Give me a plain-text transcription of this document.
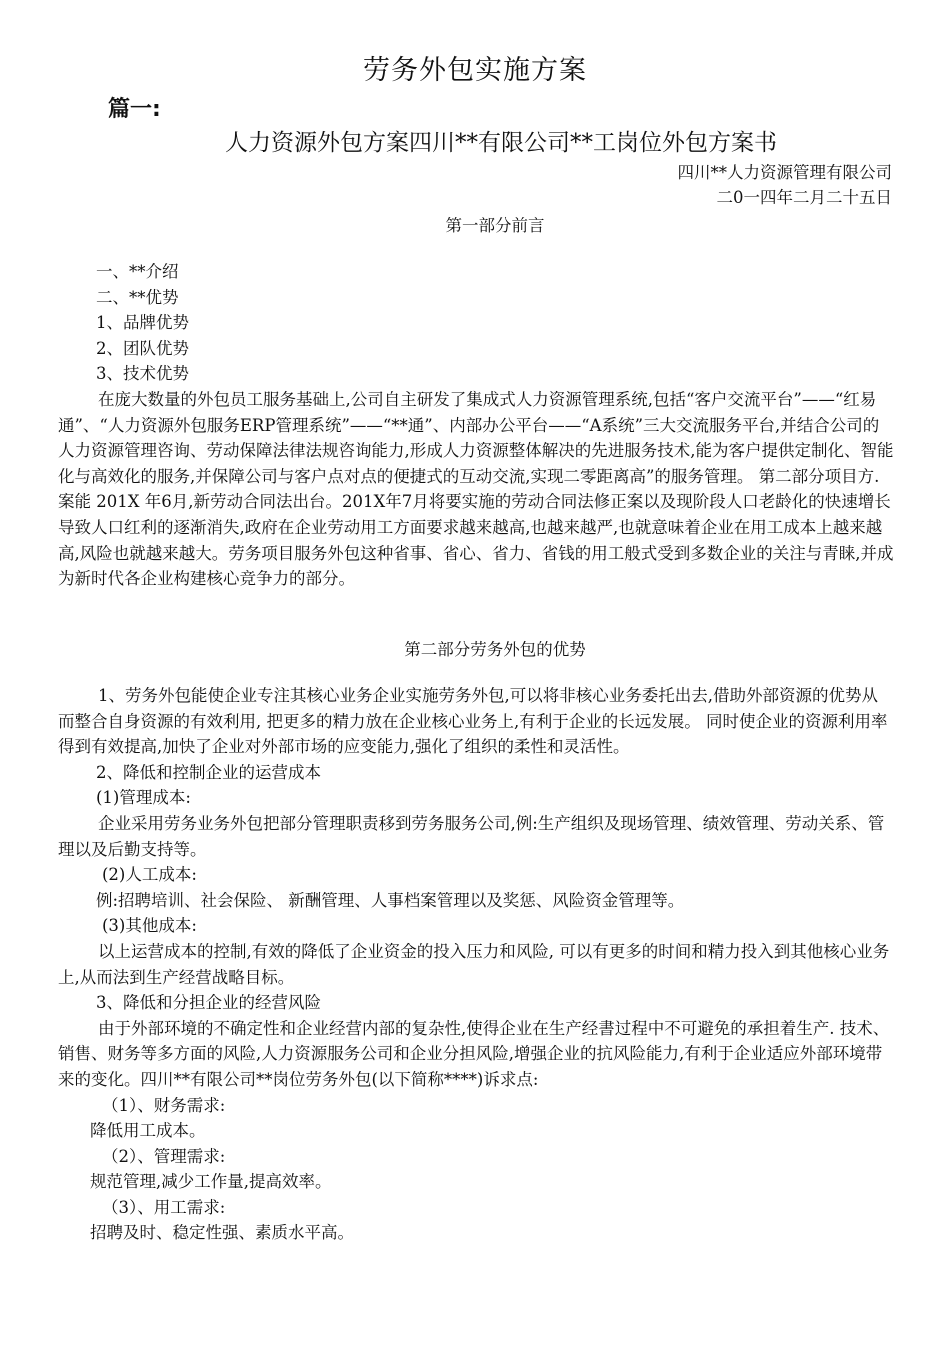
劳务外包实施方案
篇一:
人力资源外包方案四川**有限公司**工岗位外包方案书
四川**人力资源管理有限公司
二0一四年二月二十五日
第一部分前言

一、**介绍

二、**优势

1、品牌优势

2、团队优势

3、技术优势

在庞大数量的外包员工服务基础上,公司自主研发了集成式人力资源管理系统,包括“客户交流平台”——“红易通”、“人力资源外包服务ERP管理系统”——“**通”、内部办公平台——“A系统”三大交流服务平台,并结合公司的人力资源管理咨询、劳动保障法律法规咨询能力,形成人力资源整体解决的先进服务技术,能为客户提供定制化、智能化与高效化的服务,并保障公司与客户点对点的便捷式的互动交流,实现二零距离高”的服务管理。 第二部分项目方.案能 201X 年6月,新劳动合同法出台。201X年7月将要实施的劳动合同法修正案以及现阶段人口老龄化的快速增长导致人口红利的逐渐消失,政府在企业劳动用工方面要求越来越高,也越来越严,也就意味着企业在用工成本上越来越高,风险也就越来越大。劳务项目服务外包这种省事、省心、省力、省钱的用工般式受到多数企业的关注与青睐,并成为新时代各企业构建核心竞争力的部分。

第二部分劳务外包的优势

1、劳务外包能使企业专注其核心业务企业实施劳务外包,可以将非核心业务委托出去,借助外部资源的优势从而整合自身资源的有效利用, 把更多的精力放在企业核心业务上,有利于企业的长远发展。 同时使企业的资源利用率得到有效提高,加快了企业对外部市场的应变能力,强化了组织的柔性和灵活性。

2、降低和控制企业的运营成本

(1)管理成本:

企业采用劳务业务外包把部分管理职责移到劳务服务公司,例:生产组织及现场管理、绩效管理、劳动关系、管理以及后勤支持等。

(2)人工成本:

例:招聘培训、社会保险、 新酬管理、人事档案管理以及奖惩、风险资金管理等。

(3)其他成本:

以上运营成本的控制,有效的降低了企业资金的投入压力和风险, 可以有更多的时间和精力投入到其他核心业务上,从而法到生产经营战略目标。

3、降低和分担企业的经营风险

由于外部环境的不确定性和企业经营内部的复杂性,使得企业在生产经書过程中不可避免的承担着生产. 技术、销售、财务等多方面的风险,人力资源服务公司和企业分担风险,增强企业的抗风险能力,有利于企业适应外部环境带来的变化。四川**有限公司**岗位劳务外包(以下简称****)诉求点:

（1）、财务需求:

降低用工成本。

（2）、管理需求:

规范管理,减少工作量,提高效率。

（3）、用工需求:

招聘及时、稳定性强、素质水平高。
